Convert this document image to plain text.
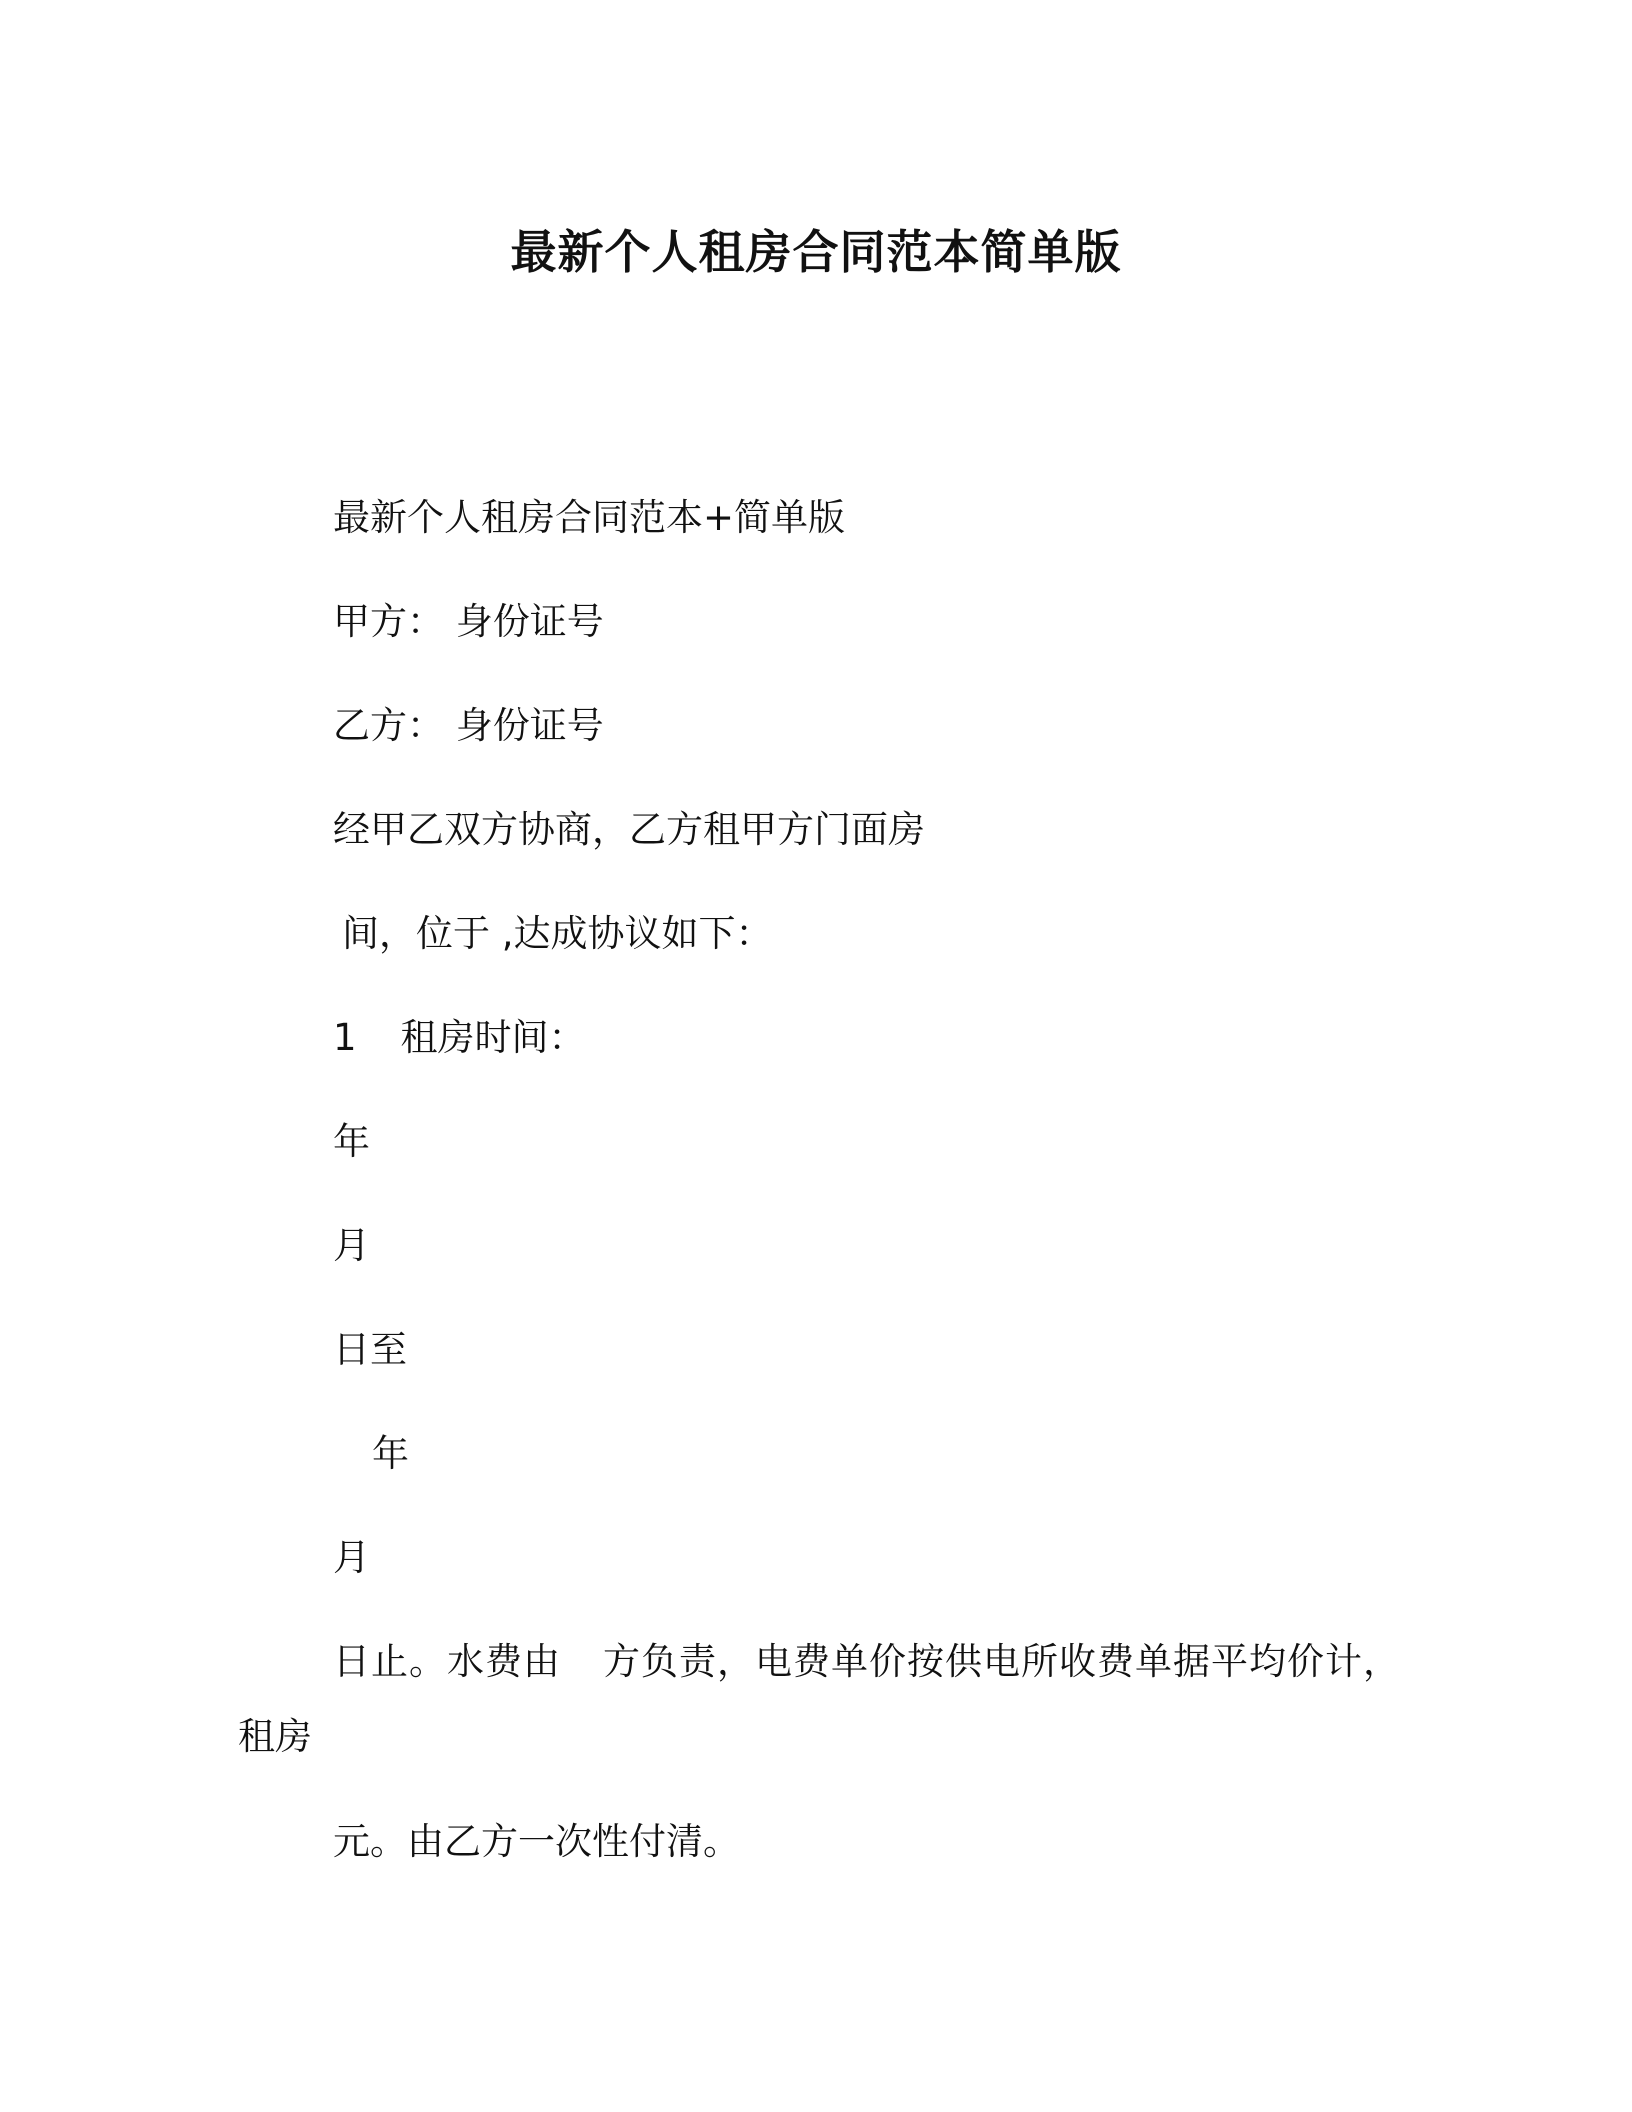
最新个人租房合同范本简单版
最新个人租房合同范本+简单版
甲方： 身份证号
乙方： 身份证号
经甲乙双方协商，乙方租甲方门面房
间，位于 ,达成协议如下：
1 租房时间：
年
月
日至
年
月
日止。水费由 方负责，电费单价按供电所收费单据平均价计，
租房
元。由乙方一次性付清。
